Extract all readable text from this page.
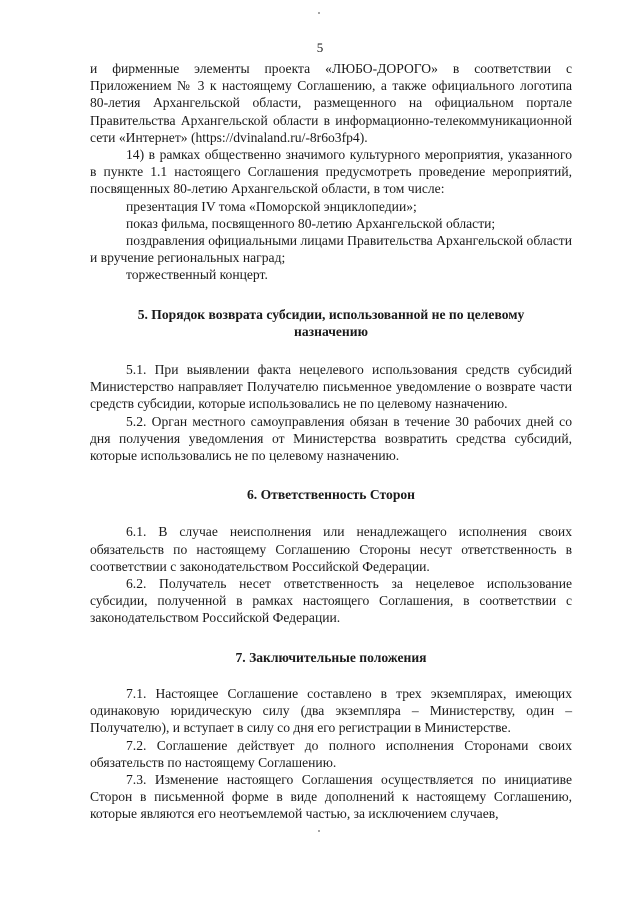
5

и фирменные элементы проекта «ЛЮБО-ДОРОГО» в соответствии с Приложением № 3 к настоящему Соглашению, а также официального логотипа 80-летия Архангельской области, размещенного на официальном портале Правительства Архангельской области в информационно-телекоммуникационной сети «Интернет» (https://dvinaland.ru/-8r6o3fp4).

14) в рамках общественно значимого культурного мероприятия, указанного в пункте 1.1 настоящего Соглашения предусмотреть проведение мероприятий, посвященных 80-летию Архангельской области, в том числе:

презентация IV тома «Поморской энциклопедии»;

показ фильма, посвященного 80-летию Архангельской области;

поздравления официальными лицами Правительства Архангельской области и вручение региональных наград;

торжественный концерт.

5. Порядок возврата субсидии, использованной не по целевому назначению

5.1. При выявлении факта нецелевого использования средств субсидий Министерство направляет Получателю письменное уведомление о возврате части средств субсидии, которые использовались не по целевому назначению.

5.2. Орган местного самоуправления обязан в течение 30 рабочих дней со дня получения уведомления от Министерства возвратить средства субсидий, которые использовались не по целевому назначению.

6. Ответственность Сторон

6.1. В случае неисполнения или ненадлежащего исполнения своих обязательств по настоящему Соглашению Стороны несут ответственность в соответствии с законодательством Российской Федерации.

6.2. Получатель несет ответственность за нецелевое использование субсидии, полученной в рамках настоящего Соглашения, в соответствии с законодательством Российской Федерации.

7. Заключительные положения

7.1. Настоящее Соглашение составлено в трех экземплярах, имеющих одинаковую юридическую силу (два экземпляра – Министерству, один – Получателю), и вступает в силу со дня его регистрации в Министерстве.

7.2. Соглашение действует до полного исполнения Сторонами своих обязательств по настоящему Соглашению.

7.3. Изменение настоящего Соглашения осуществляется по инициативе Сторон в письменной форме в виде дополнений к настоящему Соглашению, которые являются его неотъемлемой частью, за исключением случаев,
